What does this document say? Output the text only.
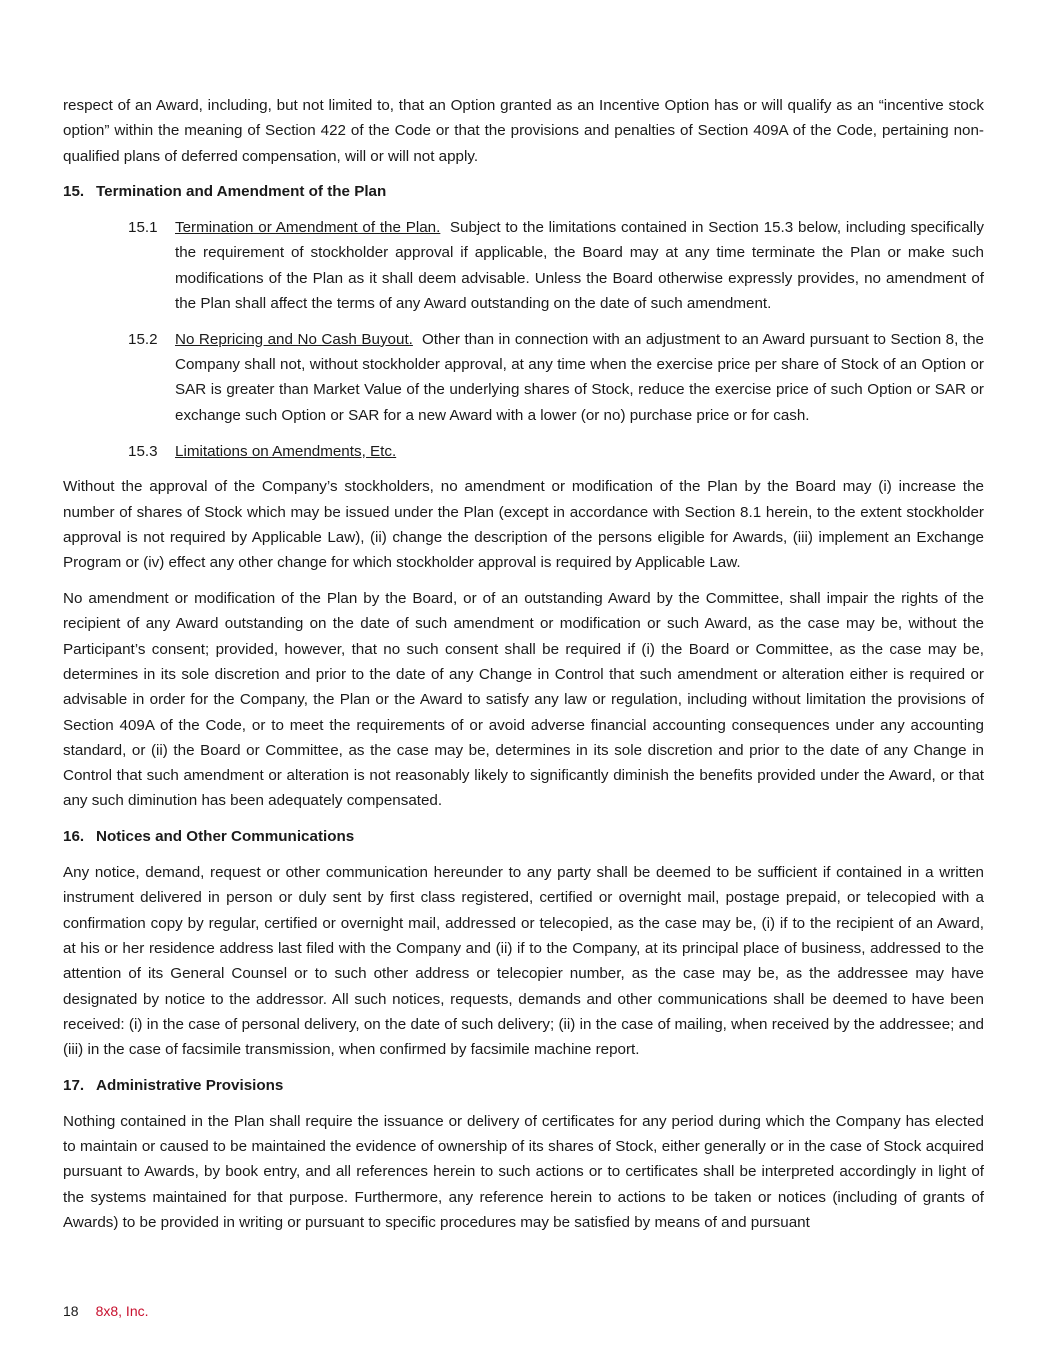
respect of an Award, including, but not limited to, that an Option granted as an Incentive Option has or will qualify as an “incentive stock option” within the meaning of Section 422 of the Code or that the provisions and penalties of Section 409A of the Code, pertaining non-qualified plans of deferred compensation, will or will not apply.

15. Termination and Amendment of the Plan

15.1 Termination or Amendment of the Plan. Subject to the limitations contained in Section 15.3 below, including specifically the requirement of stockholder approval if applicable, the Board may at any time terminate the Plan or make such modifications of the Plan as it shall deem advisable. Unless the Board otherwise expressly provides, no amendment of the Plan shall affect the terms of any Award outstanding on the date of such amendment.

15.2 No Repricing and No Cash Buyout. Other than in connection with an adjustment to an Award pursuant to Section 8, the Company shall not, without stockholder approval, at any time when the exercise price per share of Stock of an Option or SAR is greater than Market Value of the underlying shares of Stock, reduce the exercise price of such Option or SAR or exchange such Option or SAR for a new Award with a lower (or no) purchase price or for cash.

15.3 Limitations on Amendments, Etc.

Without the approval of the Company’s stockholders, no amendment or modification of the Plan by the Board may (i) increase the number of shares of Stock which may be issued under the Plan (except in accordance with Section 8.1 herein, to the extent stockholder approval is not required by Applicable Law), (ii) change the description of the persons eligible for Awards, (iii) implement an Exchange Program or (iv) effect any other change for which stockholder approval is required by Applicable Law.

No amendment or modification of the Plan by the Board, or of an outstanding Award by the Committee, shall impair the rights of the recipient of any Award outstanding on the date of such amendment or modification or such Award, as the case may be, without the Participant’s consent; provided, however, that no such consent shall be required if (i) the Board or Committee, as the case may be, determines in its sole discretion and prior to the date of any Change in Control that such amendment or alteration either is required or advisable in order for the Company, the Plan or the Award to satisfy any law or regulation, including without limitation the provisions of Section 409A of the Code, or to meet the requirements of or avoid adverse financial accounting consequences under any accounting standard, or (ii) the Board or Committee, as the case may be, determines in its sole discretion and prior to the date of any Change in Control that such amendment or alteration is not reasonably likely to significantly diminish the benefits provided under the Award, or that any such diminution has been adequately compensated.

16. Notices and Other Communications

Any notice, demand, request or other communication hereunder to any party shall be deemed to be sufficient if contained in a written instrument delivered in person or duly sent by first class registered, certified or overnight mail, postage prepaid, or telecopied with a confirmation copy by regular, certified or overnight mail, addressed or telecopied, as the case may be, (i) if to the recipient of an Award, at his or her residence address last filed with the Company and (ii) if to the Company, at its principal place of business, addressed to the attention of its General Counsel or to such other address or telecopier number, as the case may be, as the addressee may have designated by notice to the addressor. All such notices, requests, demands and other communications shall be deemed to have been received: (i) in the case of personal delivery, on the date of such delivery; (ii) in the case of mailing, when received by the addressee; and (iii) in the case of facsimile transmission, when confirmed by facsimile machine report.

17. Administrative Provisions

Nothing contained in the Plan shall require the issuance or delivery of certificates for any period during which the Company has elected to maintain or caused to be maintained the evidence of ownership of its shares of Stock, either generally or in the case of Stock acquired pursuant to Awards, by book entry, and all references herein to such actions or to certificates shall be interpreted accordingly in light of the systems maintained for that purpose. Furthermore, any reference herein to actions to be taken or notices (including of grants of Awards) to be provided in writing or pursuant to specific procedures may be satisfied by means of and pursuant

18 8x8, Inc.
